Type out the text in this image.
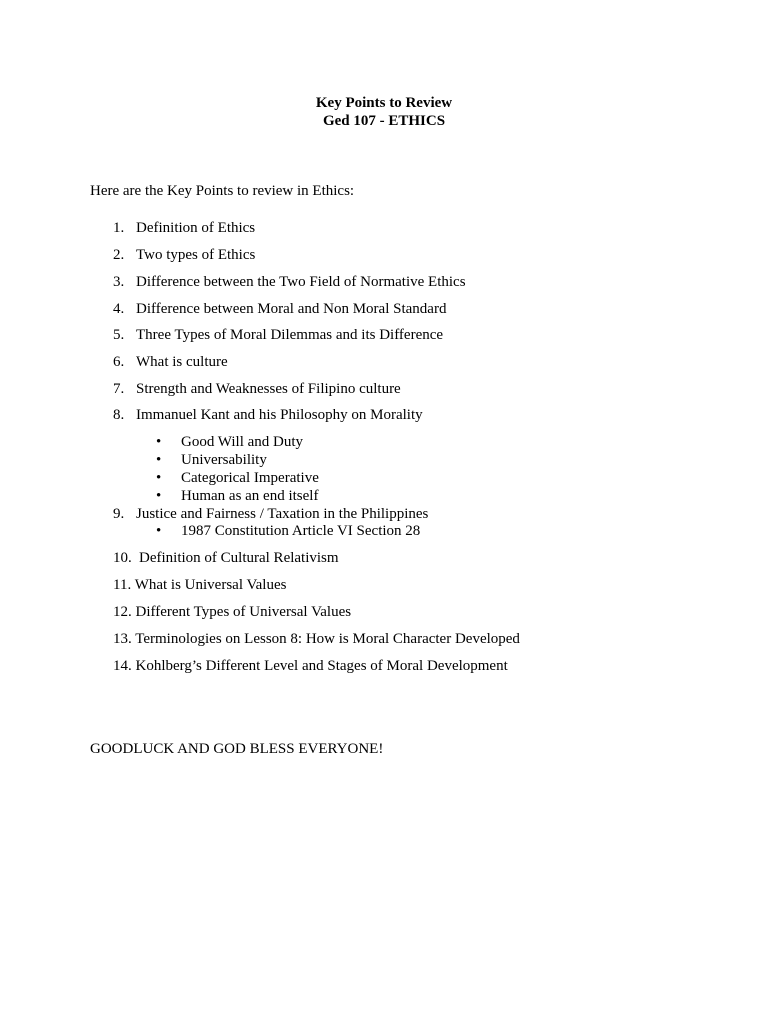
Key Points to Review
Ged 107 - ETHICS
Here are the Key Points to review in Ethics:
1. Definition of Ethics
2. Two types of Ethics
3. Difference between the Two Field of Normative Ethics
4. Difference between Moral and Non Moral Standard
5. Three Types of Moral Dilemmas and its Difference
6. What is culture
7. Strength and Weaknesses of Filipino culture
8. Immanuel Kant and his Philosophy on Morality
• Good Will and Duty
• Universability
• Categorical Imperative
• Human as an end itself
9. Justice and Fairness / Taxation in the Philippines
• 1987 Constitution Article VI Section 28
10. Definition of Cultural Relativism
11. What is Universal Values
12. Different Types of Universal Values
13. Terminologies on Lesson 8: How is Moral Character Developed
14. Kohlberg’s Different Level and Stages of Moral Development
GOODLUCK AND GOD BLESS EVERYONE!
